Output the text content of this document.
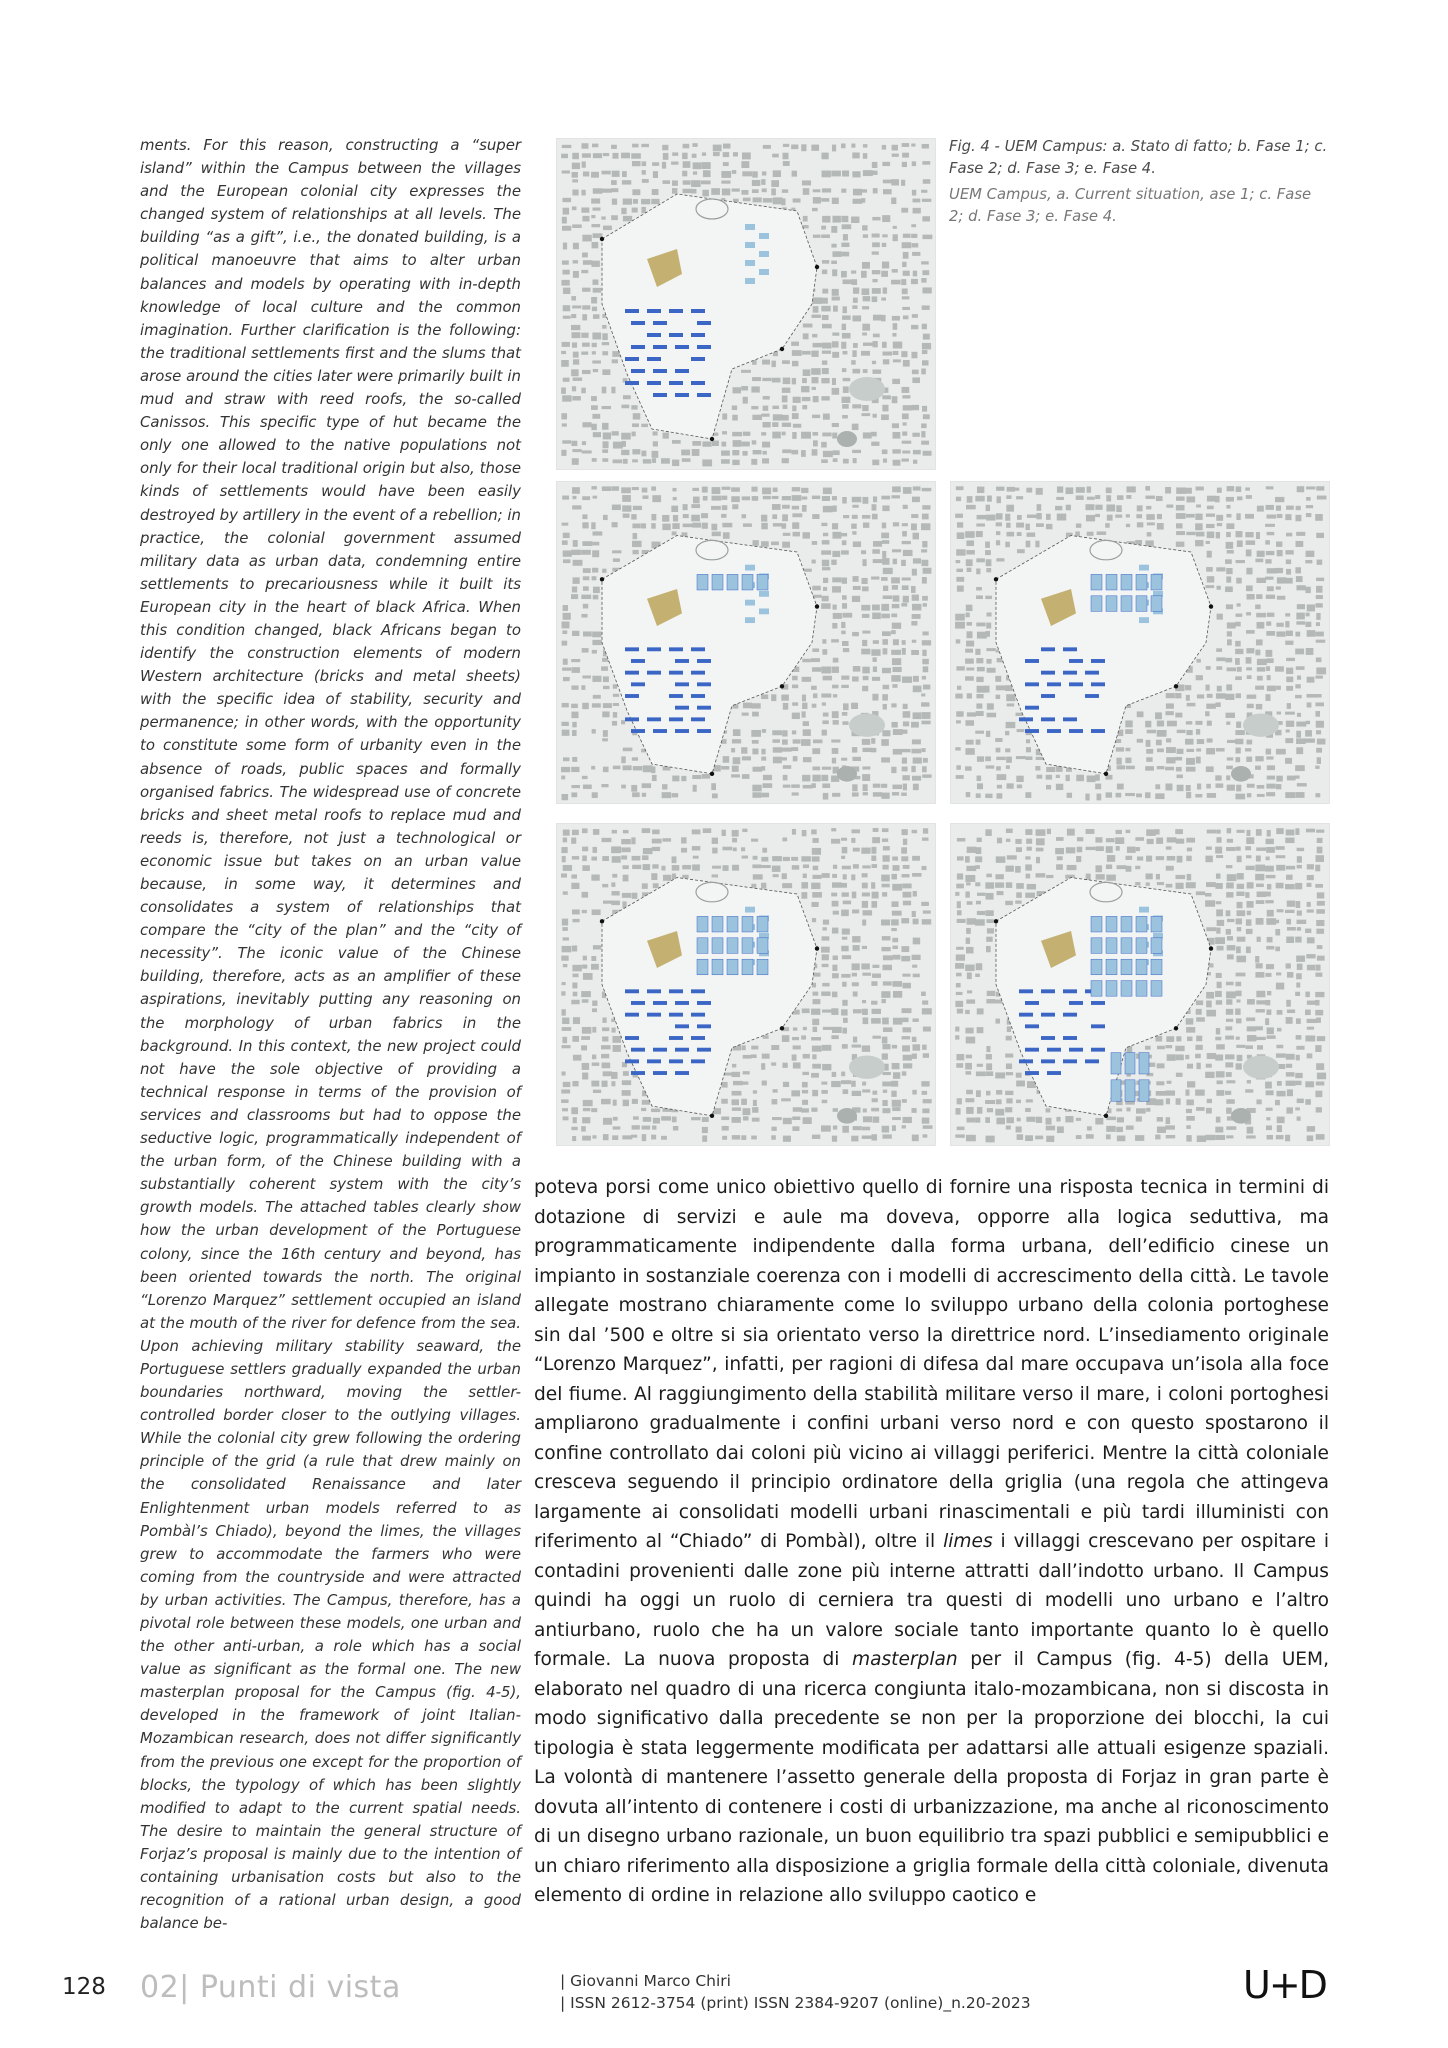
ments. For this reason, constructing a “super island” within the Campus between the villages and the European colonial city expresses the changed system of relationships at all levels. The building “as a gift”, i.e., the donated building, is a political manoeuvre that aims to alter urban balances and models by operating with in-depth knowledge of local culture and the common imagination. Further clarification is the following: the traditional settlements first and the slums that arose around the cities later were primarily built in mud and straw with reed roofs, the so-called Canissos. This specific type of hut became the only one allowed to the native populations not only for their local traditional origin but also, those kinds of settlements would have been easily destroyed by artillery in the event of a rebellion; in practice, the colonial government assumed military data as urban data, condemning entire settlements to precariousness while it built its European city in the heart of black Africa. When this condition changed, black Africans began to identify the construction elements of modern Western architecture (bricks and metal sheets) with the specific idea of stability, security and permanence; in other words, with the opportunity to constitute some form of urbanity even in the absence of roads, public spaces and formally organised fabrics. The widespread use of concrete bricks and sheet metal roofs to replace mud and reeds is, therefore, not just a technological or economic issue but takes on an urban value because, in some way, it determines and consolidates a system of relationships that compare the “city of the plan” and the “city of necessity”. The iconic value of the Chinese building, therefore, acts as an amplifier of these aspirations, inevitably putting any reasoning on the morphology of urban fabrics in the background. In this context, the new project could not have the sole objective of providing a technical response in terms of the provision of services and classrooms but had to oppose the seductive logic, programmatically independent of the urban form, of the Chinese building with a substantially coherent system with the city’s growth models. The attached tables clearly show how the urban development of the Portuguese colony, since the 16th century and beyond, has been oriented towards the north. The original “Lorenzo Marquez” settlement occupied an island at the mouth of the river for defence from the sea. Upon achieving military stability seaward, the Portuguese settlers gradually expanded the urban boundaries northward, moving the settler-controlled border closer to the outlying villages. While the colonial city grew following the ordering principle of the grid (a rule that drew mainly on the consolidated Renaissance and later Enlightenment urban models referred to as Pombàl’s Chiado), beyond the limes, the villages grew to accommodate the farmers who were coming from the countryside and were attracted by urban activities. The Campus, therefore, has a pivotal role between these models, one urban and the other anti-urban, a role which has a social value as significant as the formal one. The new masterplan proposal for the Campus (fig. 4-5), developed in the framework of joint Italian-Mozambican research, does not differ significantly from the previous one except for the proportion of blocks, the typology of which has been slightly modified to adapt to the current spatial needs. The desire to maintain the general structure of Forjaz’s proposal is mainly due to the intention of containing urbanisation costs but also to the recognition of a rational urban design, a good balance be-

Fig. 4 - UEM Campus: a. Stato di fatto; b. Fase 1; c. Fase 2; d. Fase 3; e. Fase 4.
UEM Campus, a. Current situation, ase 1; c. Fase 2; d. Fase 3; e. Fase 4.

poteva porsi come unico obiettivo quello di fornire una risposta tecnica in termini di dotazione di servizi e aule ma doveva, opporre alla logica seduttiva, ma programmaticamente indipendente dalla forma urbana, dell’edificio cinese un impianto in sostanziale coerenza con i modelli di accrescimento della città. Le tavole allegate mostrano chiaramente come lo sviluppo urbano della colonia portoghese sin dal ’500 e oltre si sia orientato verso la direttrice nord. L’insediamento originale “Lorenzo Marquez”, infatti, per ragioni di difesa dal mare occupava un’isola alla foce del fiume. Al raggiungimento della stabilità militare verso il mare, i coloni portoghesi ampliarono gradualmente i confini urbani verso nord e con questo spostarono il confine controllato dai coloni più vicino ai villaggi periferici. Mentre la città coloniale cresceva seguendo il principio ordinatore della griglia (una regola che attingeva largamente ai consolidati modelli urbani rinascimentali e più tardi illuministi con riferimento al “Chiado” di Pombàl), oltre il limes i villaggi crescevano per ospitare i contadini provenienti dalle zone più interne attratti dall’indotto urbano. Il Campus quindi ha oggi un ruolo di cerniera tra questi di modelli uno urbano e l’altro antiurbano, ruolo che ha un valore sociale tanto importante quanto lo è quello formale. La nuova proposta di masterplan per il Campus (fig. 4-5) della UEM, elaborato nel quadro di una ricerca congiunta italo-mozambicana, non si discosta in modo significativo dalla precedente se non per la proporzione dei blocchi, la cui tipologia è stata leggermente modificata per adattarsi alle attuali esigenze spaziali. La volontà di mantenere l’assetto generale della proposta di Forjaz in gran parte è dovuta all’intento di contenere i costi di urbanizzazione, ma anche al riconoscimento di un disegno urbano razionale, un buon equilibrio tra spazi pubblici e semipubblici e un chiaro riferimento alla disposizione a griglia formale della città coloniale, divenuta elemento di ordine in relazione allo sviluppo caotico e

128 02| Punti di vista	| Giovanni Marco Chiri
| ISSN 2612-3754 (print) ISSN 2384-9207 (online)_n.20-2023	U+D
